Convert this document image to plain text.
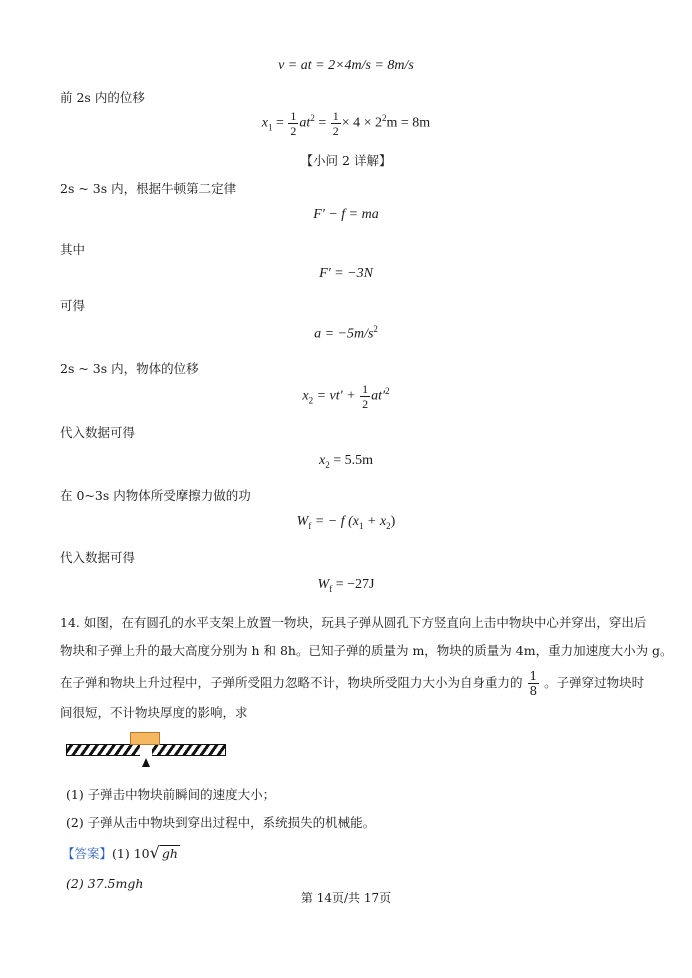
v = at = 2×4m/s = 8m/s
前 2s 内的位移
$x_1 = \frac{1}{2} at^2 = \frac{1}{2} \times 4 \times 2^2m = 8m$
【小问 2 详解】
2s ~ 3s 内，根据牛顿第二定律
F′ − f = ma
其中
F′ = −3N
可得
$a = -5m/s^2$
2s ~ 3s 内，物体的位移
$x_2 = vt' + \frac{1}{2} at'^2$
代入数据可得
$x_2 = 5.5m$
在 0~3s 内物体所受摩擦力做的功
$W_f$ = − f $(x_1 + x_2)$
代入数据可得
$W_f = -27J$
14. 如图，在有圆孔的水平支架上放置一物块，玩具子弹从圆孔下方竖直向上击中物块中心并穿出，穿出后
物块和子弹上升的最大高度分别为 h 和 8h。已知子弹的质量为 m，物块的质量为 4m，重力加速度大小为 g。
在子弹和物块上升过程中，子弹所受阻力忽略不计，物块所受阻力大小为自身重力的 $\frac{1}{8}$ 。子弹穿过物块时
间很短，不计物块厚度的影响，求
(1) 子弹击中物块前瞬间的速度大小；
(2) 子弹从击中物块到穿出过程中，系统损失的机械能。
【答案】(1) 10√ gh
(2) 37.5mgh
第 14页/共 17页
